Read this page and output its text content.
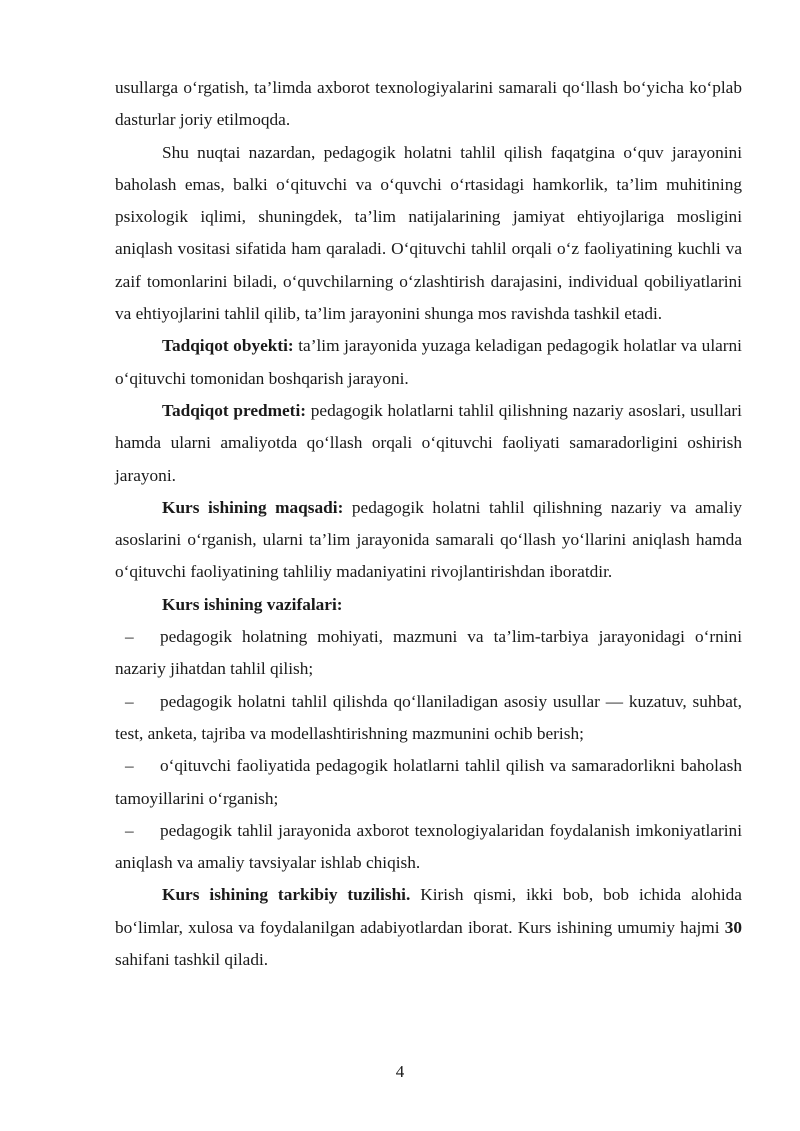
usullarga o‘rgatish, ta’limda axborot texnologiyalarini samarali qo‘llash bo‘yicha ko‘plab dasturlar joriy etilmoqda.

Shu nuqtai nazardan, pedagogik holatni tahlil qilish faqatgina o‘quv jarayonini baholash emas, balki o‘qituvchi va o‘quvchi o‘rtasidagi hamkorlik, ta’lim muhitining psixologik iqlimi, shuningdek, ta’lim natijalarining jamiyat ehtiyojlariga mosligini aniqlash vositasi sifatida ham qaraladi. O‘qituvchi tahlil orqali o‘z faoliyatining kuchli va zaif tomonlarini biladi, o‘quvchilarning o‘zlashtirish darajasini, individual qobiliyatlarini va ehtiyojlarini tahlil qilib, ta’lim jarayonini shunga mos ravishda tashkil etadi.

Tadqiqot obyekti: ta’lim jarayonida yuzaga keladigan pedagogik holatlar va ularni o‘qituvchi tomonidan boshqarish jarayoni.

Tadqiqot predmeti: pedagogik holatlarni tahlil qilishning nazariy asoslari, usullari hamda ularni amaliyotda qo‘llash orqali o‘qituvchi faoliyati samaradorligini oshirish jarayoni.

Kurs ishining maqsadi: pedagogik holatni tahlil qilishning nazariy va amaliy asoslarini o‘rganish, ularni ta’lim jarayonida samarali qo‘llash yo‘llarini aniqlash hamda o‘qituvchi faoliyatining tahliliy madaniyatini rivojlantirishdan iboratdir.

Kurs ishining vazifalari:

– pedagogik holatning mohiyati, mazmuni va ta’lim-tarbiya jarayonidagi o‘rnini nazariy jihatdan tahlil qilish;

– pedagogik holatni tahlil qilishda qo‘llaniladigan asosiy usullar — kuzatuv, suhbat, test, anketa, tajriba va modellashtirishning mazmunini ochib berish;

– o‘qituvchi faoliyatida pedagogik holatlarni tahlil qilish va samaradorlikni baholash tamoyillarini o‘rganish;

– pedagogik tahlil jarayonida axborot texnologiyalaridan foydalanish imkoniyatlarini aniqlash va amaliy tavsiyalar ishlab chiqish.

Kurs ishining tarkibiy tuzilishi. Kirish qismi, ikki bob, bob ichida alohida bo‘limlar, xulosa va foydalanilgan adabiyotlardan iborat. Kurs ishining umumiy hajmi 30 sahifani tashkil qiladi.

4
